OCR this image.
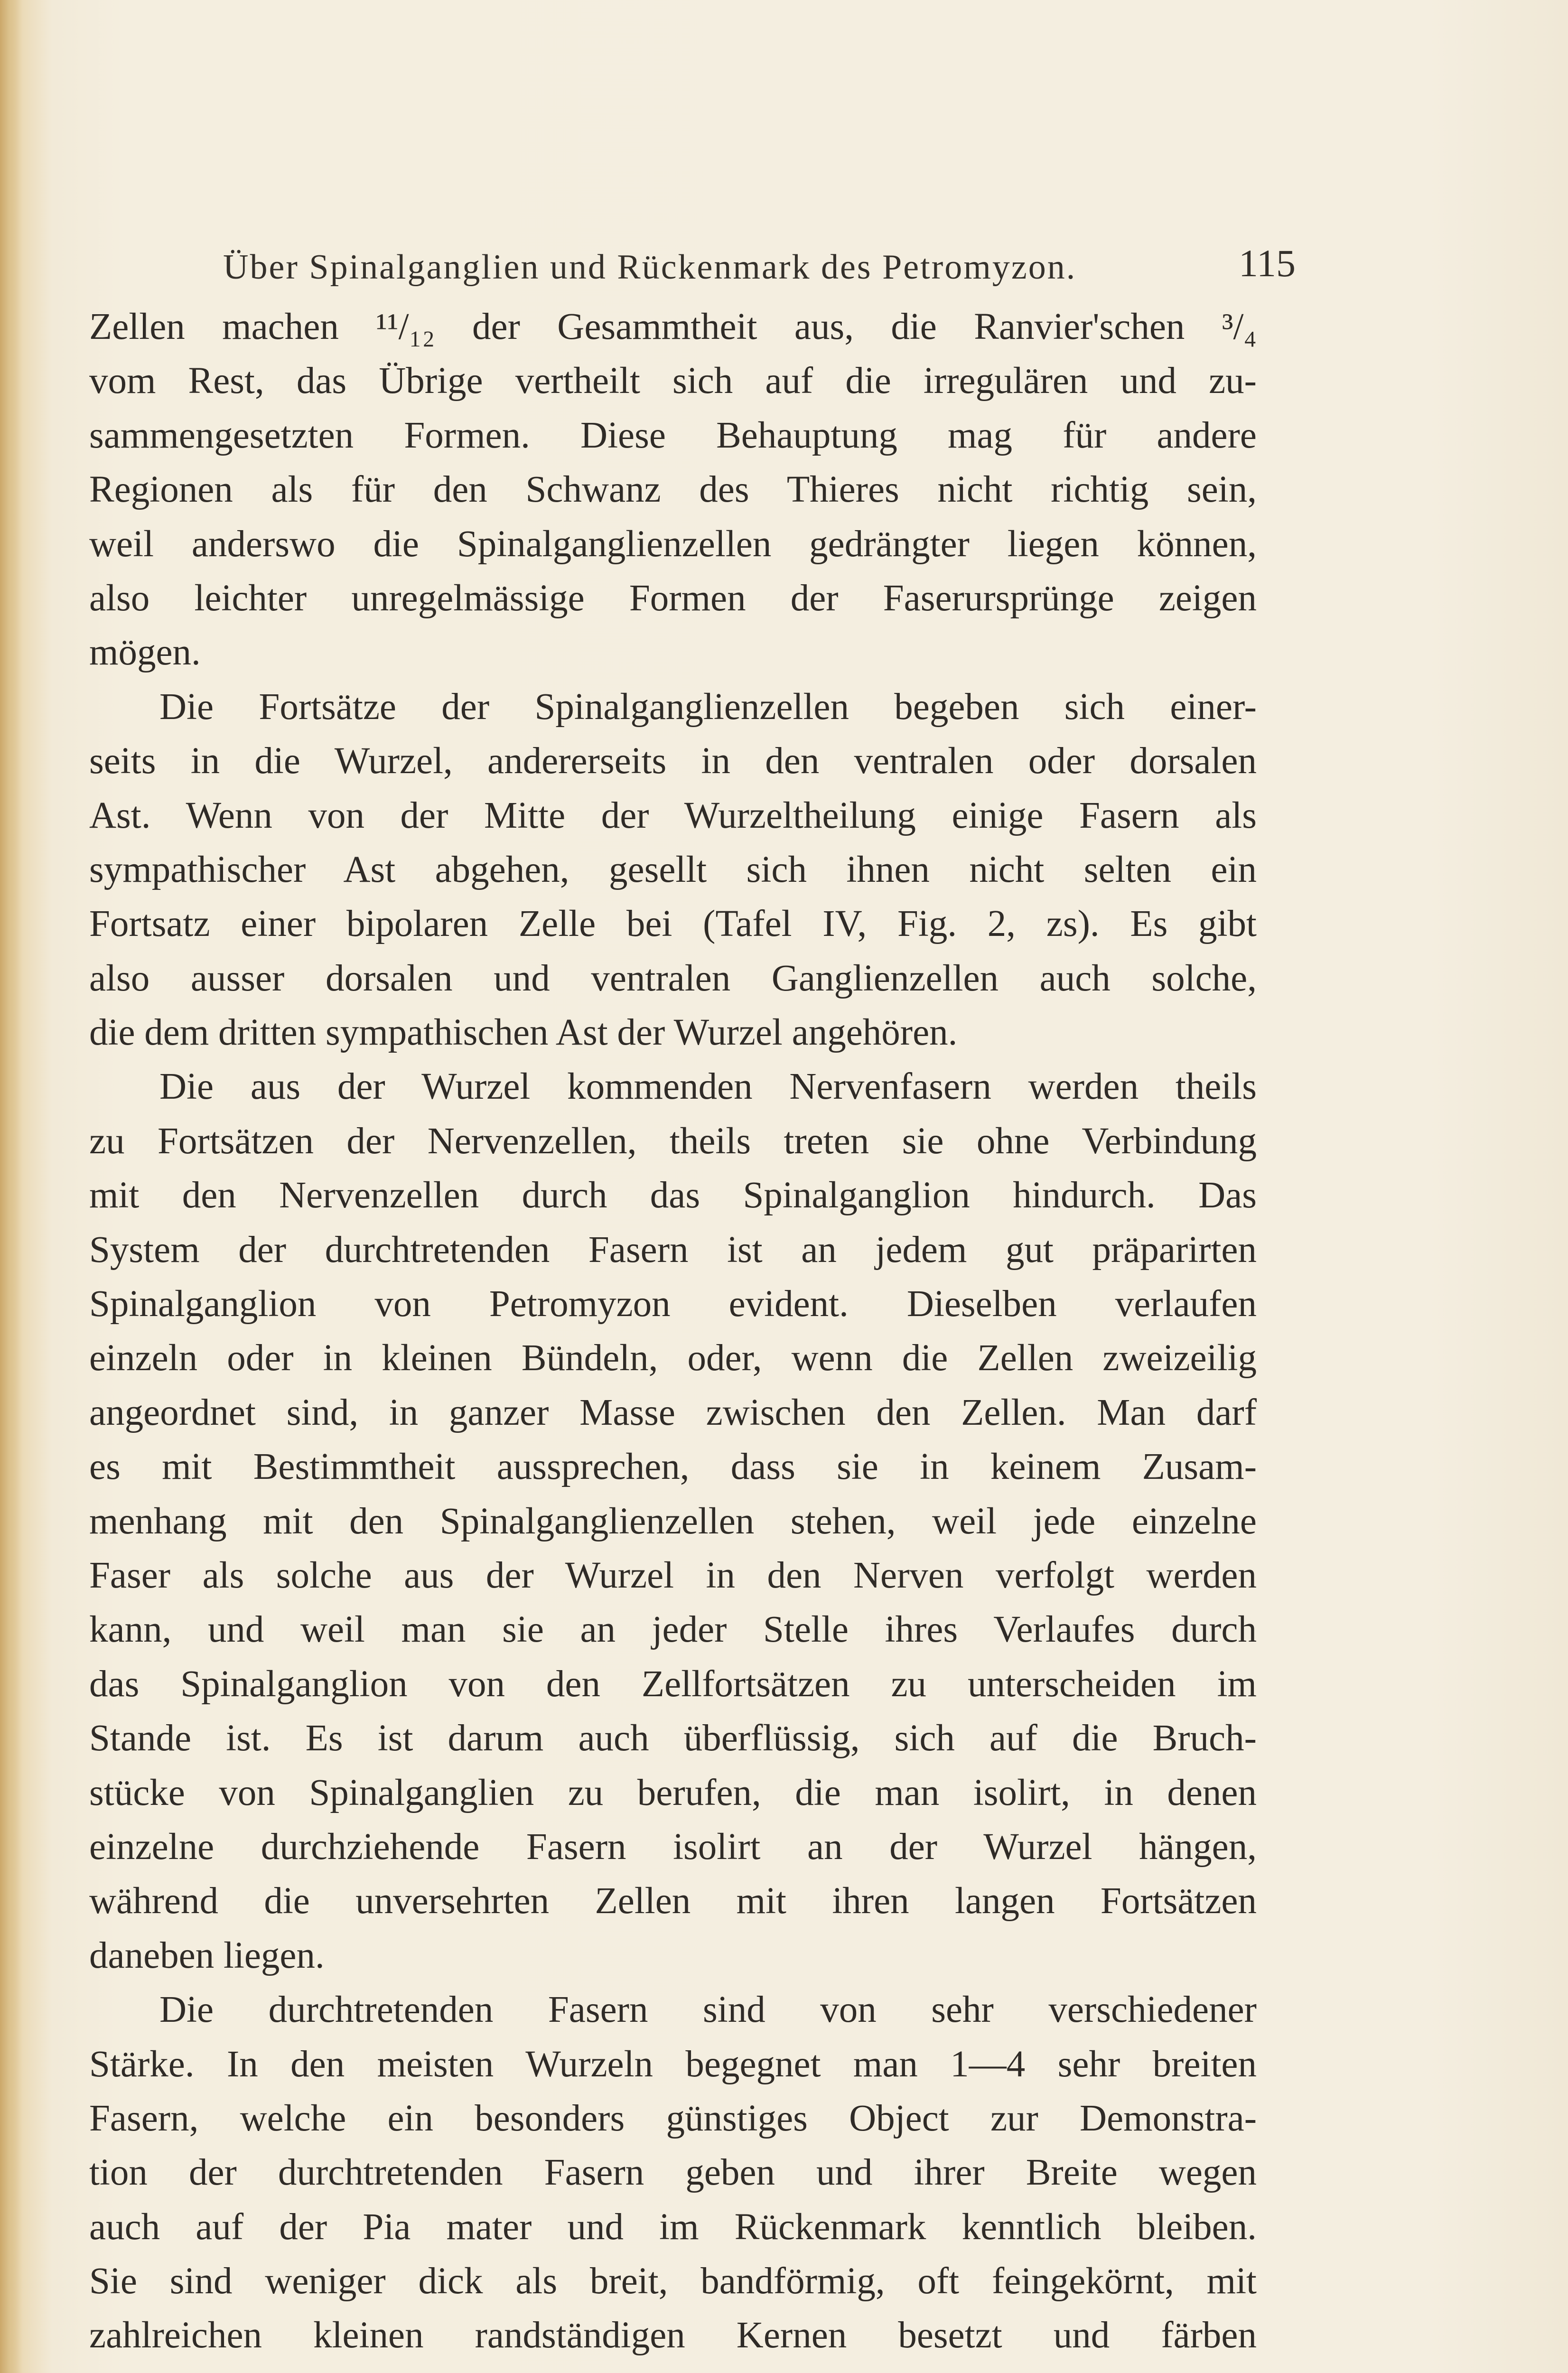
Über Spinalganglien und Rückenmark des Petromyzon.	115
Zellen machen ¹¹/₁₂ der Gesammtheit aus, die Ranvier'schen ³/₄
vom Rest, das Übrige vertheilt sich auf die irregulären und zu-
sammengesetzten Formen. Diese Behauptung mag für andere
Regionen als für den Schwanz des Thieres nicht richtig sein,
weil anderswo die Spinalganglienzellen gedrängter liegen können,
also leichter unregelmässige Formen der Faserursprünge zeigen
mögen.
Die Fortsätze der Spinalganglienzellen begeben sich einer-
seits in die Wurzel, andererseits in den ventralen oder dorsalen
Ast. Wenn von der Mitte der Wurzeltheilung einige Fasern als
sympathischer Ast abgehen, gesellt sich ihnen nicht selten ein
Fortsatz einer bipolaren Zelle bei (Tafel IV, Fig. 2, zs). Es gibt
also ausser dorsalen und ventralen Ganglienzellen auch solche,
die dem dritten sympathischen Ast der Wurzel angehören.
Die aus der Wurzel kommenden Nervenfasern werden theils
zu Fortsätzen der Nervenzellen, theils treten sie ohne Verbindung
mit den Nervenzellen durch das Spinalganglion hindurch. Das
System der durchtretenden Fasern ist an jedem gut präparirten
Spinalganglion von Petromyzon evident. Dieselben verlaufen
einzeln oder in kleinen Bündeln, oder, wenn die Zellen zweizeilig
angeordnet sind, in ganzer Masse zwischen den Zellen. Man darf
es mit Bestimmtheit aussprechen, dass sie in keinem Zusam-
menhang mit den Spinalganglienzellen stehen, weil jede einzelne
Faser als solche aus der Wurzel in den Nerven verfolgt werden
kann, und weil man sie an jeder Stelle ihres Verlaufes durch
das Spinalganglion von den Zellfortsätzen zu unterscheiden im
Stande ist. Es ist darum auch überflüssig, sich auf die Bruch-
stücke von Spinalganglien zu berufen, die man isolirt, in denen
einzelne durchziehende Fasern isolirt an der Wurzel hängen,
während die unversehrten Zellen mit ihren langen Fortsätzen
daneben liegen.
Die durchtretenden Fasern sind von sehr verschiedener
Stärke. In den meisten Wurzeln begegnet man 1—4 sehr breiten
Fasern, welche ein besonders günstiges Object zur Demonstra-
tion der durchtretenden Fasern geben und ihrer Breite wegen
auch auf der Pia mater und im Rückenmark kenntlich bleiben.
Sie sind weniger dick als breit, bandförmig, oft feingekörnt, mit
zahlreichen kleinen randständigen Kernen besetzt und färben
